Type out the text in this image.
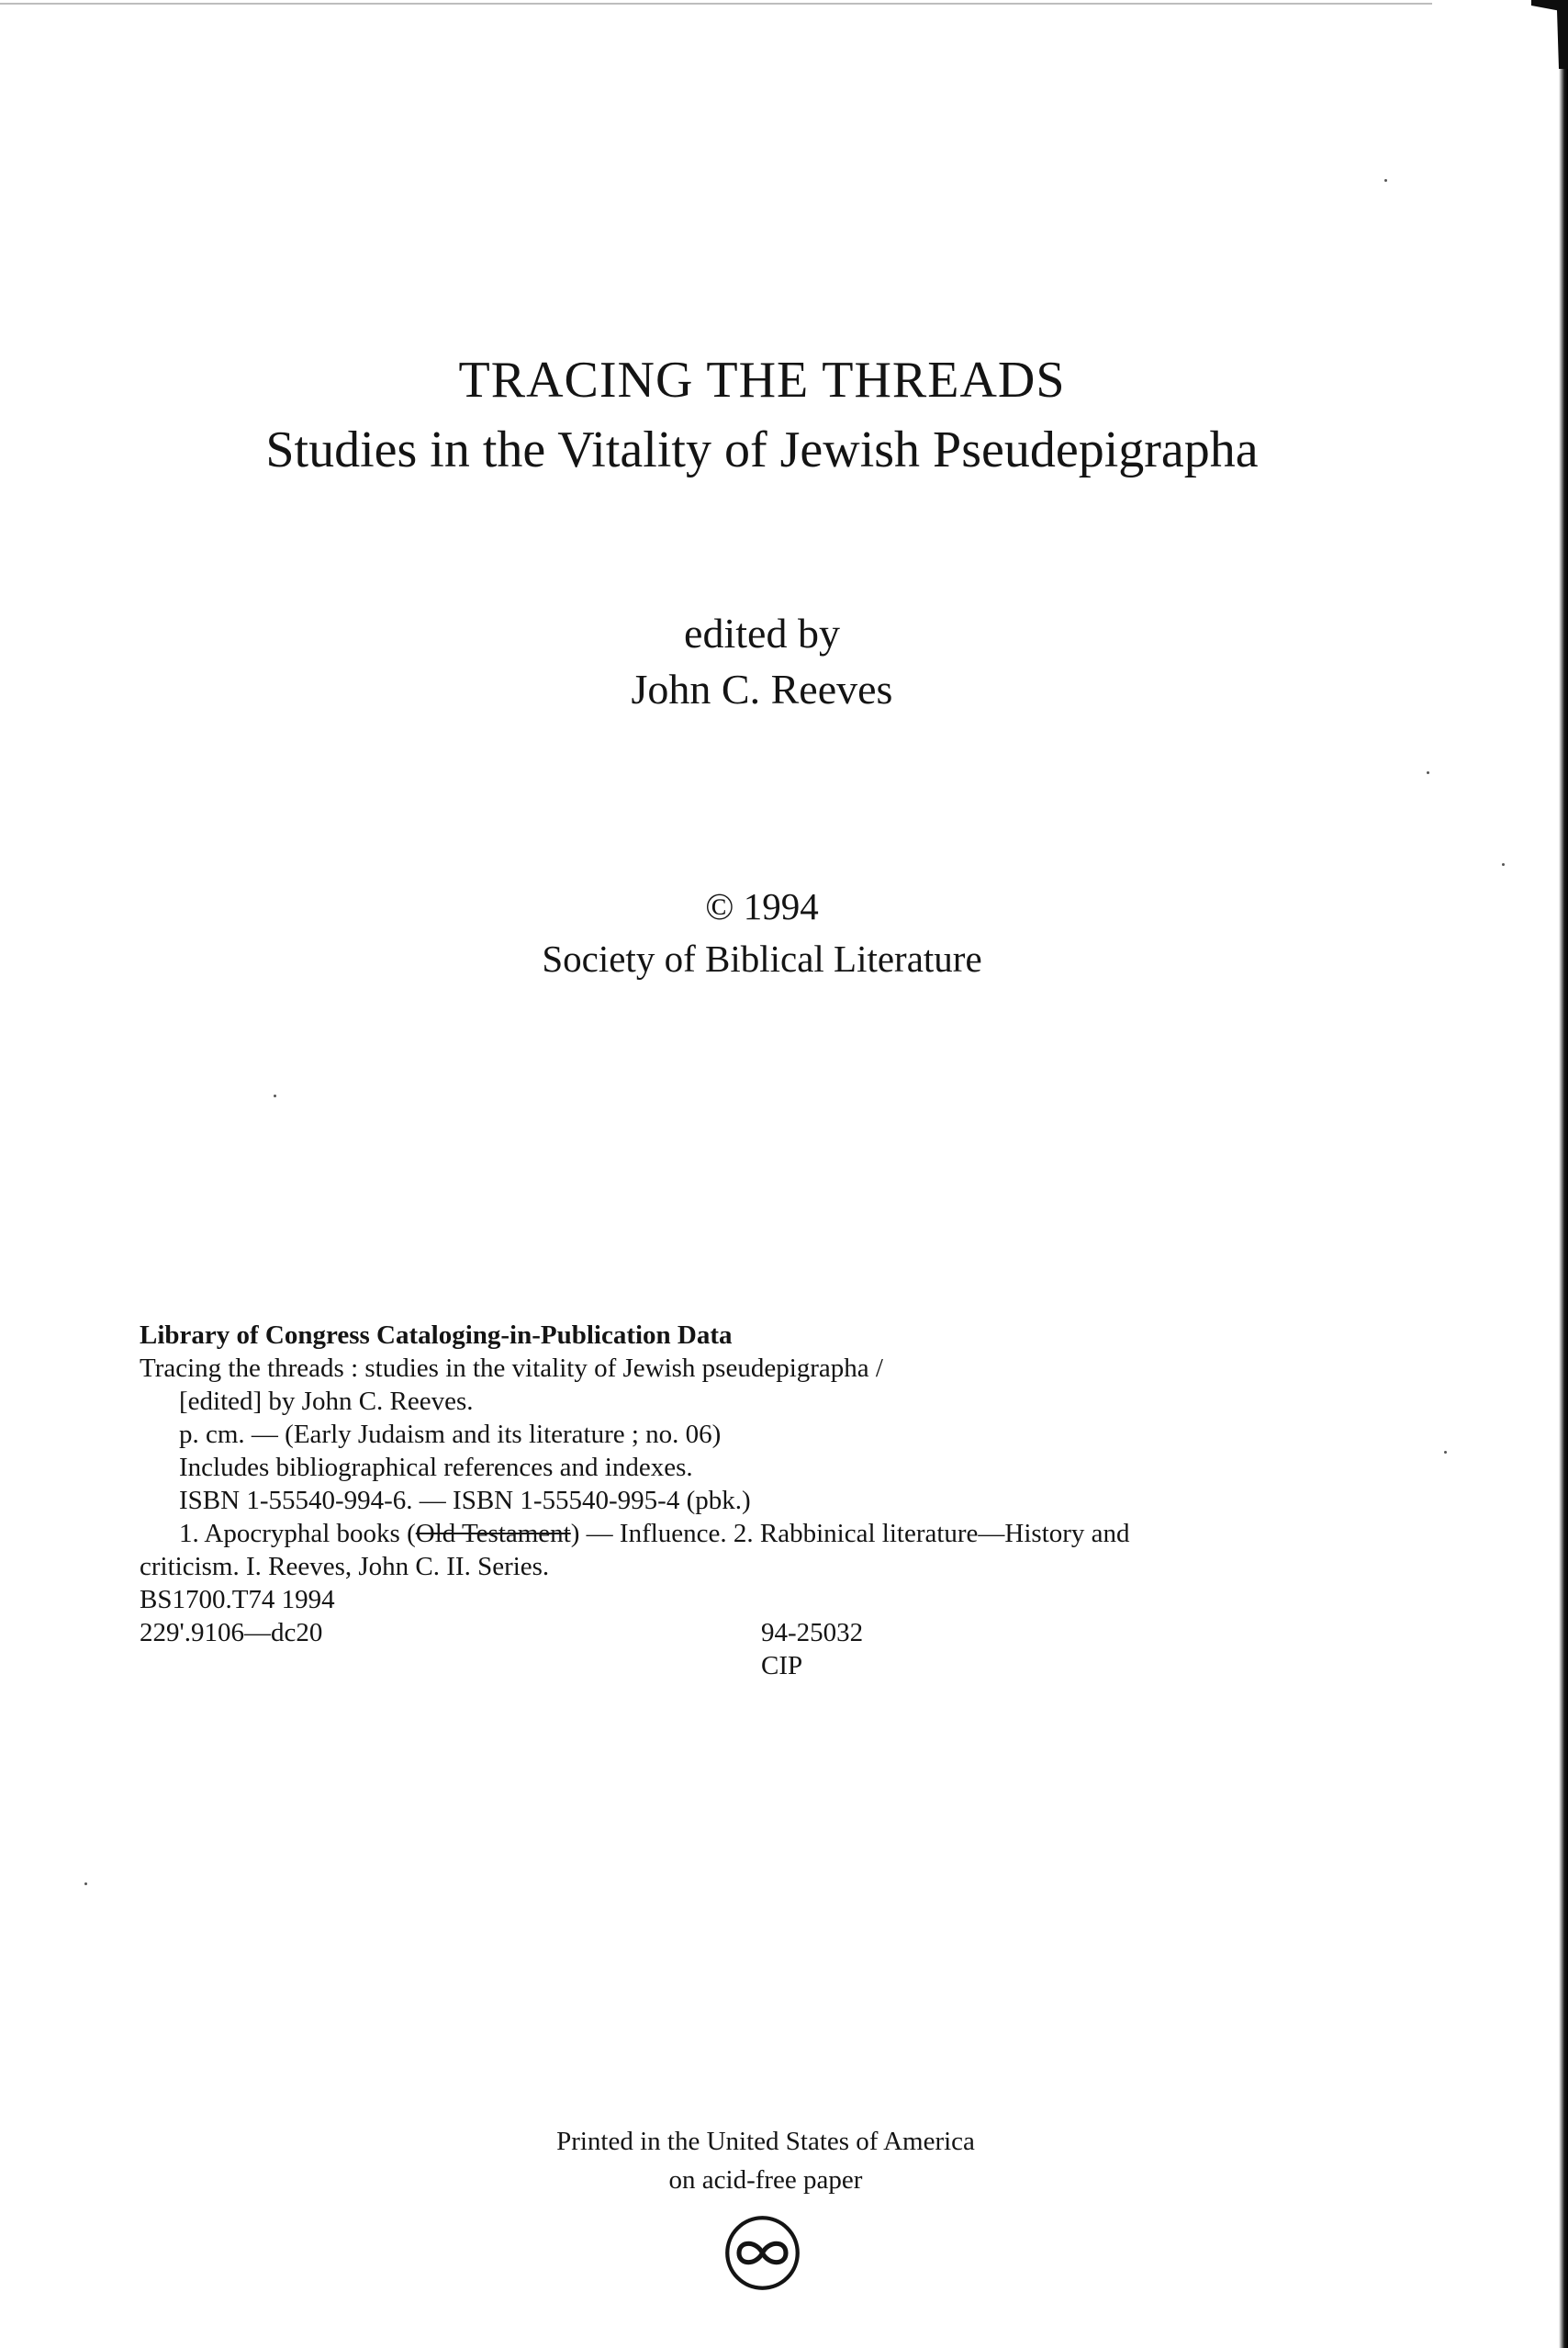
TRACING THE THREADS
Studies in the Vitality of Jewish Pseudepigrapha
edited by
John C. Reeves
© 1994
Society of Biblical Literature
Library of Congress Cataloging-in-Publication Data
Tracing the threads : studies in the vitality of Jewish pseudepigrapha /
[edited] by John C. Reeves.
p. cm. — (Early Judaism and its literature ; no. 06)
Includes bibliographical references and indexes.
ISBN 1-55540-994-6. — ISBN 1-55540-995-4 (pbk.)
1. Apocryphal books (Old Testament) — Influence. 2. Rabbinical literature—History and
criticism. I. Reeves, John C. II. Series.
BS1700.T74 1994
229'.9106—dc20	94-25032
CIP
Printed in the United States of America
on acid-free paper
